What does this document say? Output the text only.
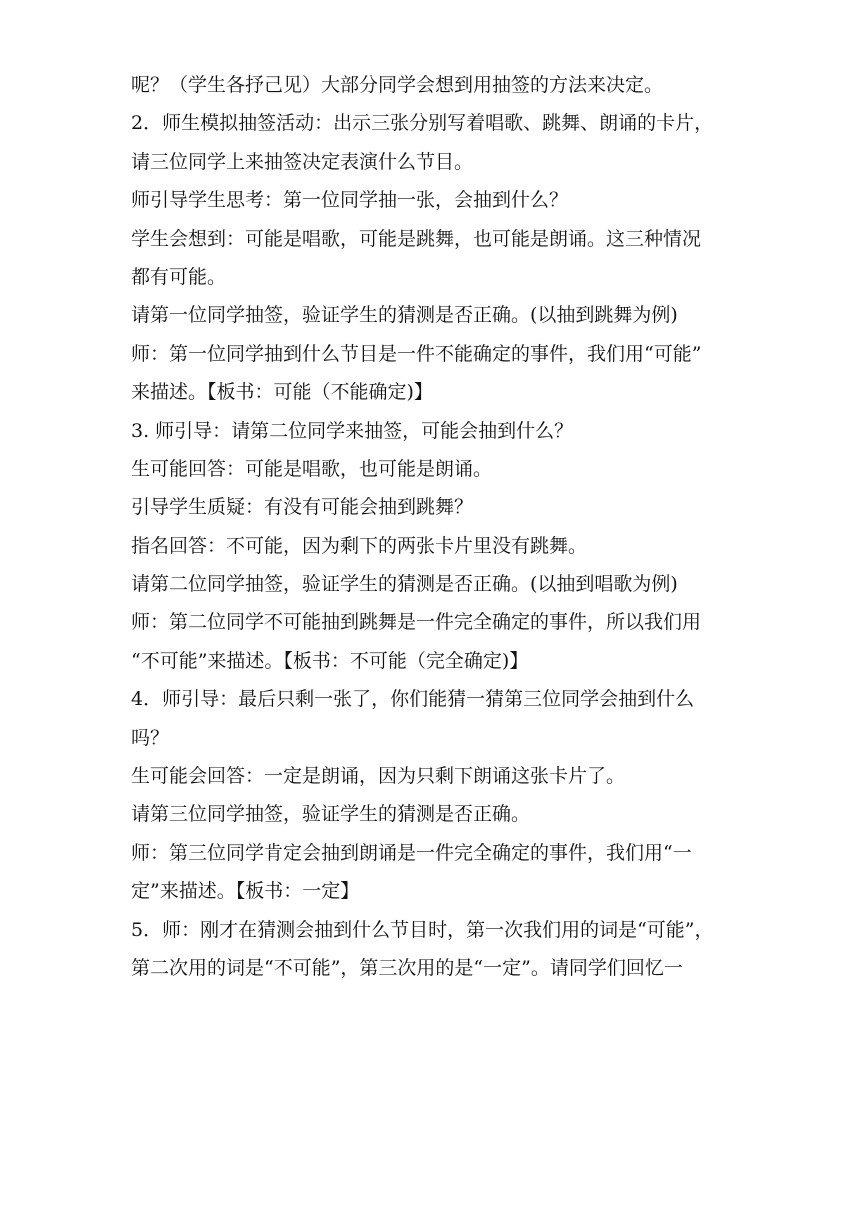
呢？（学生各抒己见）大部分同学会想到用抽签的方法来决定。
2．师生模拟抽签活动：出示三张分别写着唱歌、跳舞、朗诵的卡片，
请三位同学上来抽签决定表演什么节目。
师引导学生思考：第一位同学抽一张，会抽到什么？
学生会想到：可能是唱歌，可能是跳舞，也可能是朗诵。这三种情况
都有可能。
请第一位同学抽签，验证学生的猜测是否正确。(以抽到跳舞为例)
师：第一位同学抽到什么节目是一件不能确定的事件，我们用“可能”
来描述。【板书：可能（不能确定)】
3. 师引导：请第二位同学来抽签，可能会抽到什么？
生可能回答：可能是唱歌，也可能是朗诵。
引导学生质疑：有没有可能会抽到跳舞？
指名回答：不可能，因为剩下的两张卡片里没有跳舞。
请第二位同学抽签，验证学生的猜测是否正确。(以抽到唱歌为例)
师：第二位同学不可能抽到跳舞是一件完全确定的事件，所以我们用
“不可能”来描述。【板书：不可能（完全确定)】
4．师引导：最后只剩一张了，你们能猜一猜第三位同学会抽到什么
吗？
生可能会回答：一定是朗诵，因为只剩下朗诵这张卡片了。
请第三位同学抽签，验证学生的猜测是否正确。
师：第三位同学肯定会抽到朗诵是一件完全确定的事件，我们用“一
定”来描述。【板书：一定】
5．师：刚才在猜测会抽到什么节目时，第一次我们用的词是“可能”，
第二次用的词是“不可能”，第三次用的是“一定”。请同学们回忆一
